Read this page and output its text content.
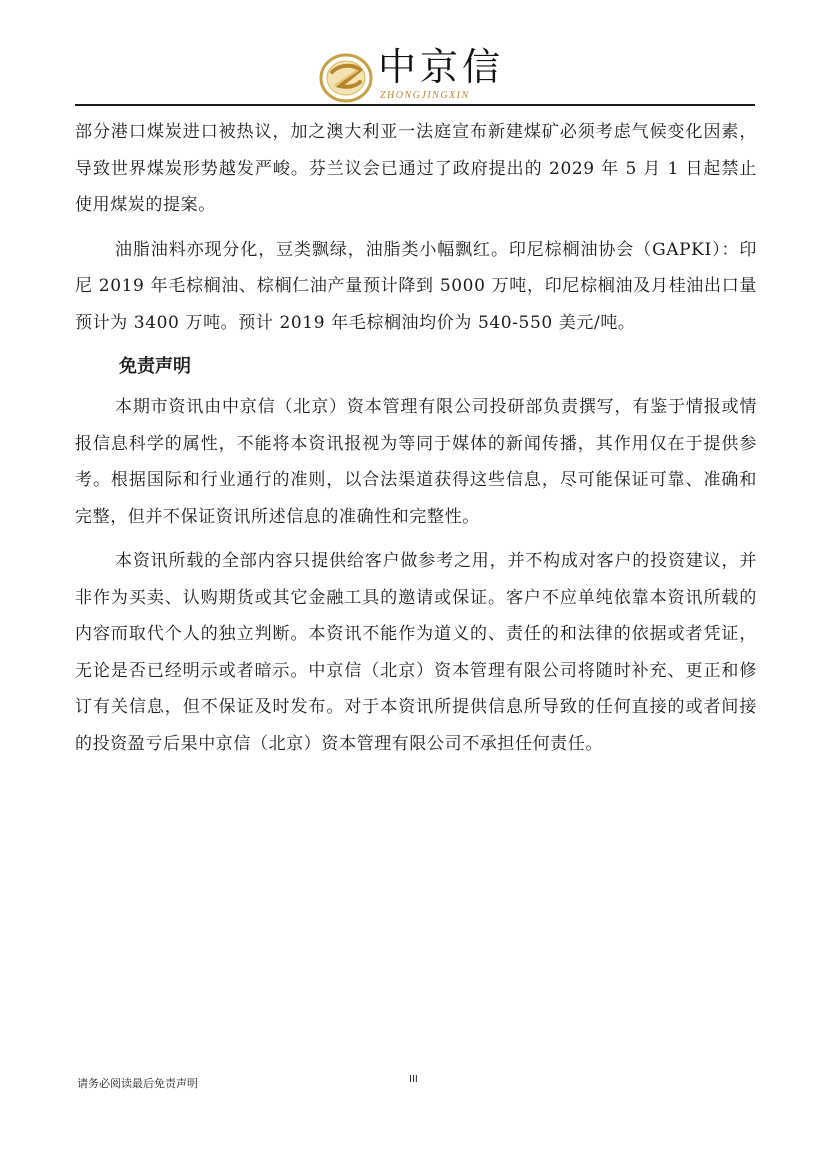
中京信
ZHONGJINGXIN

部分港口煤炭进口被热议，加之澳大利亚一法庭宣布新建煤矿必须考虑气候变化因素，导致世界煤炭形势越发严峻。芬兰议会已通过了政府提出的 2029 年 5 月 1 日起禁止使用煤炭的提案。

油脂油料亦现分化，豆类飘绿，油脂类小幅飘红。印尼棕榈油协会（GAPKI）：印尼 2019 年毛棕榈油、棕榈仁油产量预计降到 5000 万吨，印尼棕榈油及月桂油出口量预计为 3400 万吨。预计 2019 年毛棕榈油均价为 540-550 美元/吨。

免责声明

本期市资讯由中京信（北京）资本管理有限公司投研部负责撰写，有鉴于情报或情报信息科学的属性，不能将本资讯报视为等同于媒体的新闻传播，其作用仅在于提供参考。根据国际和行业通行的准则，以合法渠道获得这些信息，尽可能保证可靠、准确和完整，但并不保证资讯所述信息的准确性和完整性。

本资讯所载的全部内容只提供给客户做参考之用，并不构成对客户的投资建议，并非作为买卖、认购期货或其它金融工具的邀请或保证。客户不应单纯依靠本资讯所载的内容而取代个人的独立判断。本资讯不能作为道义的、责任的和法律的依据或者凭证，无论是否已经明示或者暗示。中京信（北京）资本管理有限公司将随时补充、更正和修订有关信息，但不保证及时发布。对于本资讯所提供信息所导致的任何直接的或者间接的投资盈亏后果中京信（北京）资本管理有限公司不承担任何责任。

请务必阅读最后免责声明	III
